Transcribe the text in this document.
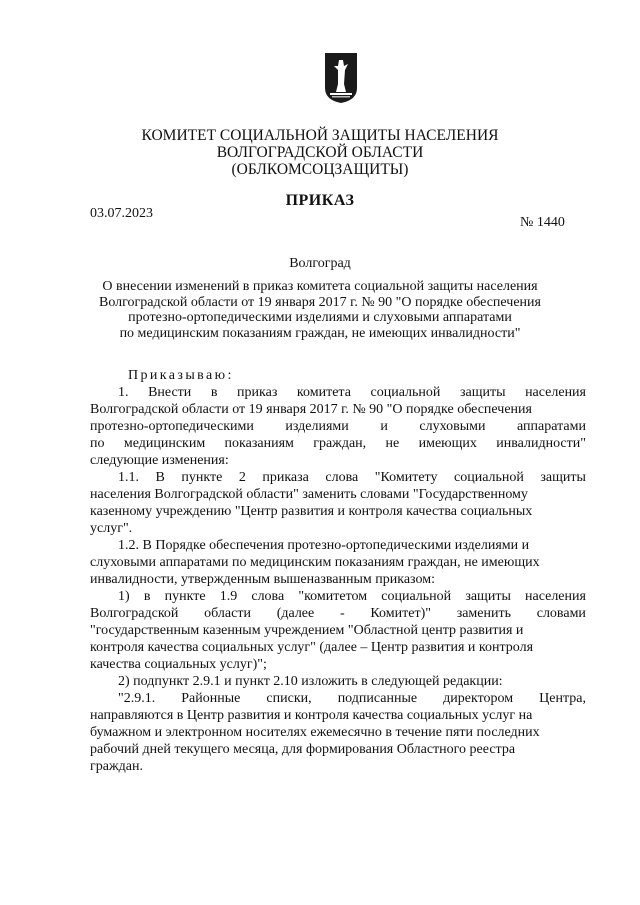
КОМИТЕТ СОЦИАЛЬНОЙ ЗАЩИТЫ НАСЕЛЕНИЯ
ВОЛГОГРАДСКОЙ ОБЛАСТИ
(ОБЛКОМСОЦЗАЩИТЫ)
ПРИКАЗ
03.07.2023
№ 1440
Волгоград
О внесении изменений в приказ комитета социальной защиты населения
Волгоградской области от 19 января 2017 г. № 90 "О порядке обеспечения
протезно-ортопедическими изделиями и слуховыми аппаратами
по медицинским показаниям граждан, не имеющих инвалидности"
Приказываю:
1. Внести в приказ комитета социальной защиты населения
Волгоградской области от 19 января 2017 г. № 90 "О порядке обеспечения
протезно-ортопедическими изделиями и слуховыми аппаратами
по медицинским показаниям граждан, не имеющих инвалидности"
следующие изменения:
1.1. В пункте 2 приказа слова "Комитету социальной защиты
населения Волгоградской области" заменить словами "Государственному
казенному учреждению "Центр развития и контроля качества социальных
услуг".
1.2. В Порядке обеспечения протезно-ортопедическими изделиями и
слуховыми аппаратами по медицинским показаниям граждан, не имеющих
инвалидности, утвержденным вышеназванным приказом:
1) в пункте 1.9 слова "комитетом социальной защиты населения
Волгоградской области (далее - Комитет)" заменить словами
"государственным казенным учреждением "Областной центр развития и
контроля качества социальных услуг" (далее – Центр развития и контроля
качества социальных услуг)";
2) подпункт 2.9.1 и пункт 2.10 изложить в следующей редакции:
"2.9.1. Районные списки, подписанные директором Центра,
направляются в Центр развития и контроля качества социальных услуг на
бумажном и электронном носителях ежемесячно в течение пяти последних
рабочий дней текущего месяца, для формирования Областного реестра
граждан.
